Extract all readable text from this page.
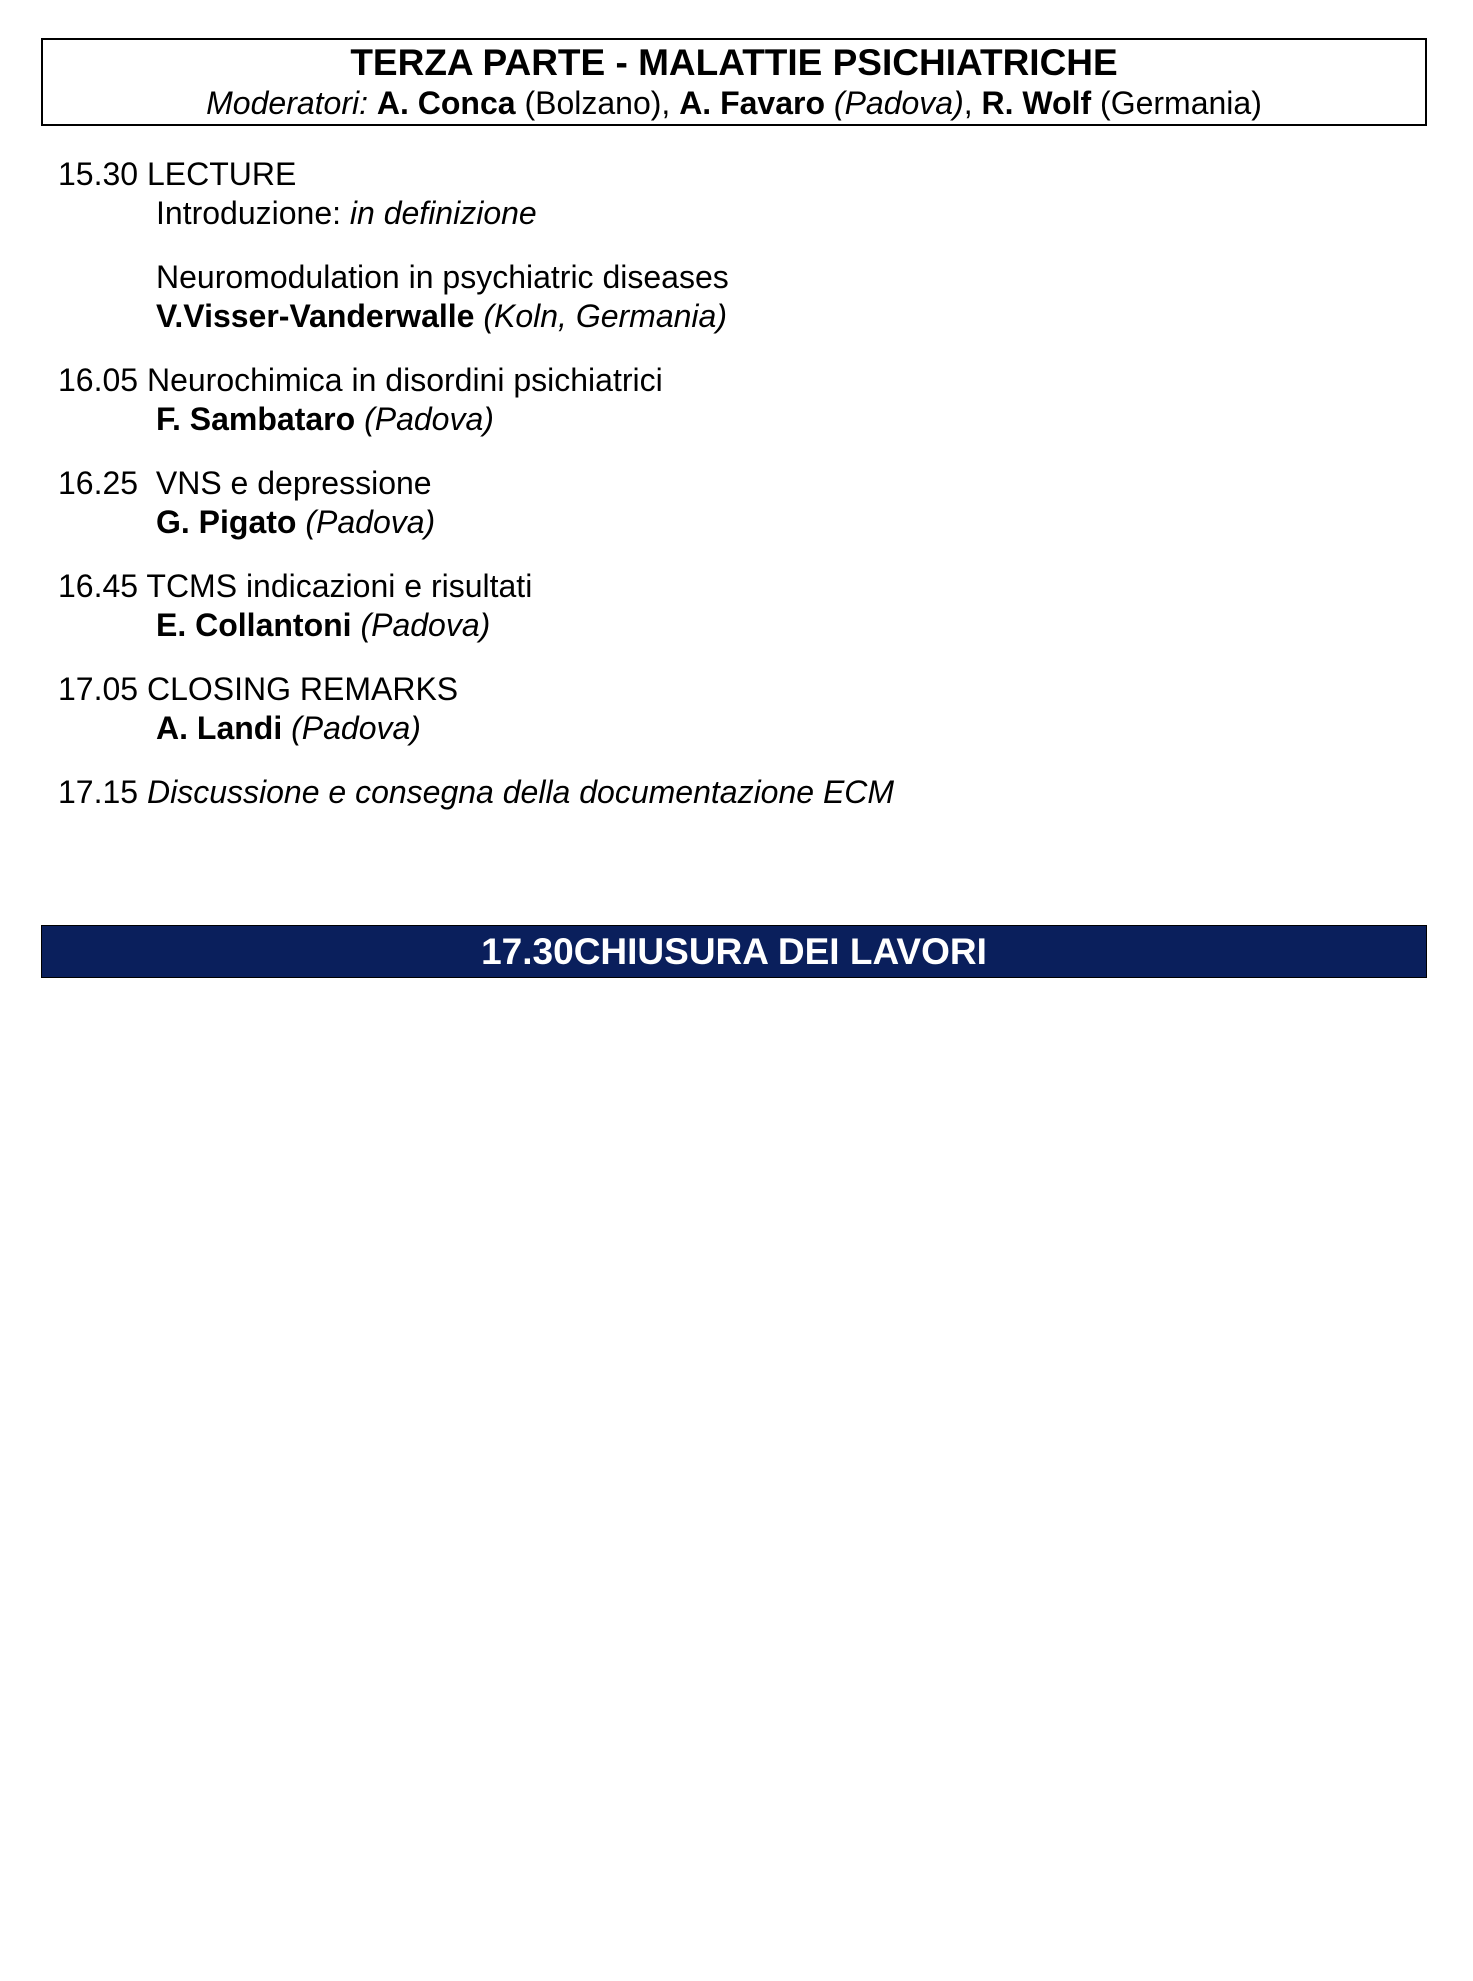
TERZA PARTE - MALATTIE PSICHIATRICHE
Moderatori: A. Conca (Bolzano), A. Favaro (Padova), R. Wolf (Germania)
15.30 LECTURE
Introduzione: in definizione
Neuromodulation in psychiatric diseases
V.Visser-Vanderwalle (Koln, Germania)
16.05 Neurochimica in disordini psichiatrici
F. Sambataro (Padova)
16.25 VNS e depressione
G. Pigato (Padova)
16.45 TCMS indicazioni e risultati
E. Collantoni (Padova)
17.05 CLOSING REMARKS
A. Landi (Padova)
17.15 Discussione e consegna della documentazione ECM
17.30CHIUSURA DEI LAVORI
